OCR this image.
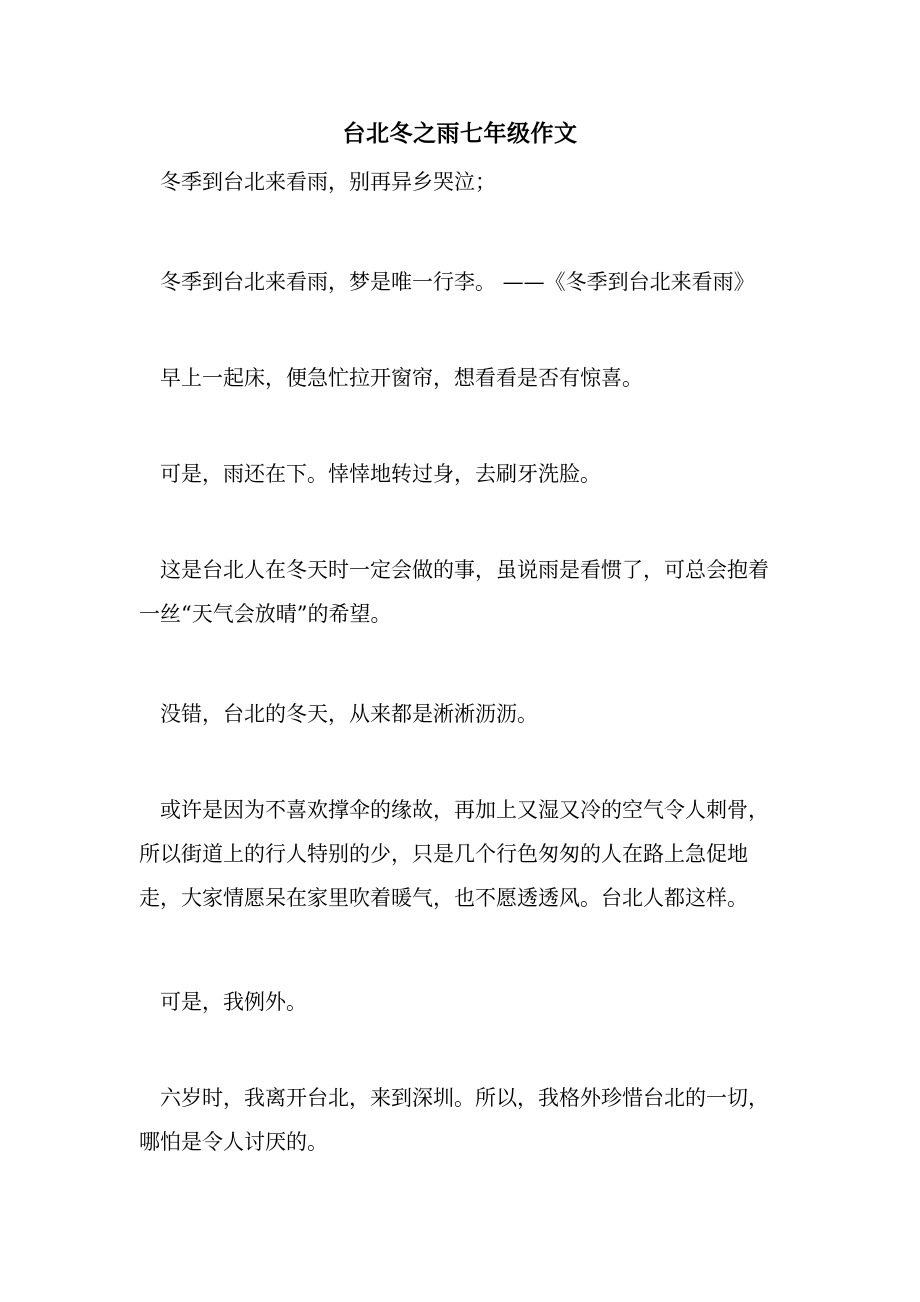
台北冬之雨七年级作文

冬季到台北来看雨，别再异乡哭泣；

冬季到台北来看雨，梦是唯一行李。 ——《冬季到台北来看雨》

早上一起床，便急忙拉开窗帘，想看看是否有惊喜。

可是，雨还在下。悻悻地转过身，去刷牙洗脸。

这是台北人在冬天时一定会做的事，虽说雨是看惯了，可总会抱着一丝“天气会放晴”的希望。

没错，台北的冬天，从来都是淅淅沥沥。

或许是因为不喜欢撑伞的缘故，再加上又湿又冷的空气令人刺骨，所以街道上的行人特别的少，只是几个行色匆匆的人在路上急促地走，大家情愿呆在家里吹着暖气，也不愿透透风。台北人都这样。

可是，我例外。

六岁时，我离开台北，来到深圳。所以，我格外珍惜台北的一切，哪怕是令人讨厌的。
